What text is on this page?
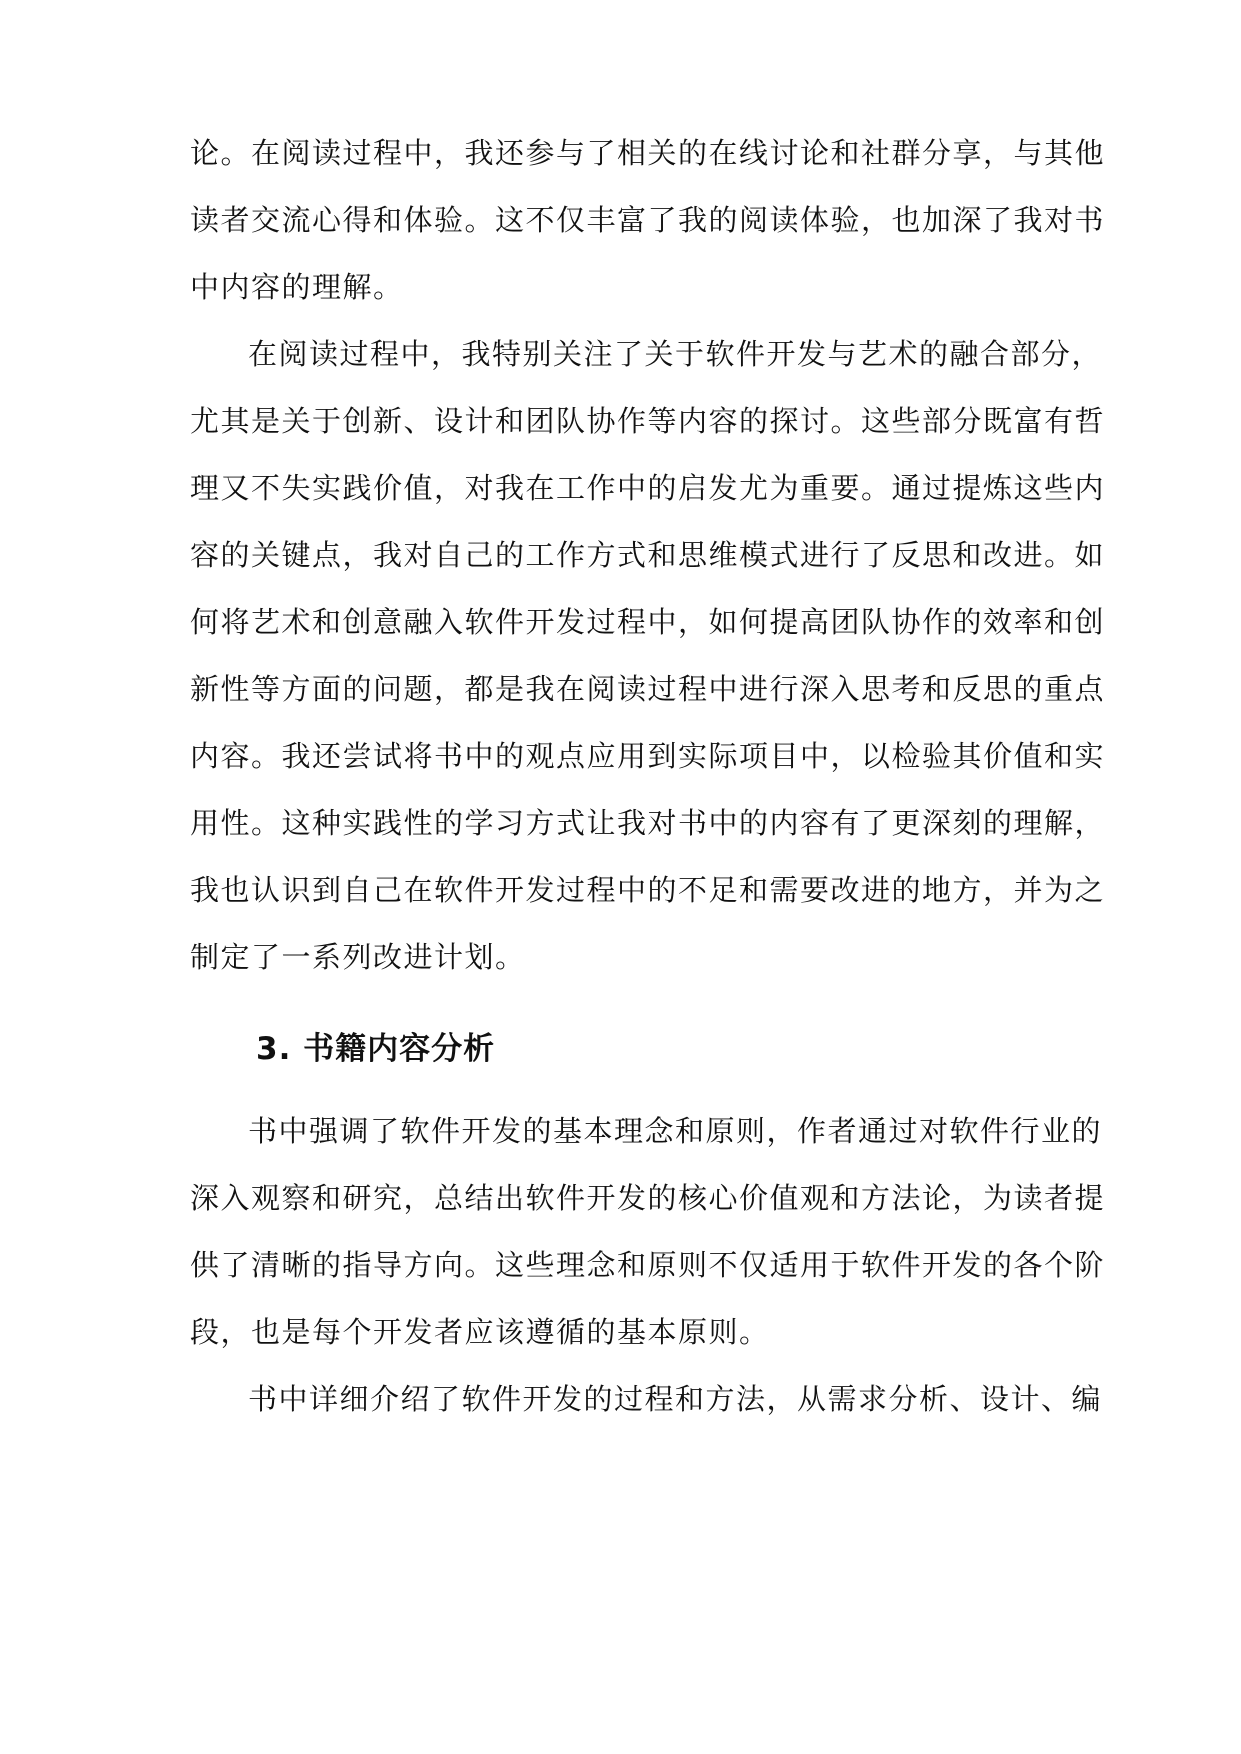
论。在阅读过程中，我还参与了相关的在线讨论和社群分享，与其他
读者交流心得和体验。这不仅丰富了我的阅读体验，也加深了我对书
中内容的理解。
在阅读过程中，我特别关注了关于软件开发与艺术的融合部分，
尤其是关于创新、设计和团队协作等内容的探讨。这些部分既富有哲
理又不失实践价值，对我在工作中的启发尤为重要。通过提炼这些内
容的关键点，我对自己的工作方式和思维模式进行了反思和改进。如
何将艺术和创意融入软件开发过程中，如何提高团队协作的效率和创
新性等方面的问题，都是我在阅读过程中进行深入思考和反思的重点
内容。我还尝试将书中的观点应用到实际项目中，以检验其价值和实
用性。这种实践性的学习方式让我对书中的内容有了更深刻的理解，
我也认识到自己在软件开发过程中的不足和需要改进的地方，并为之
制定了一系列改进计划。
3. 书籍内容分析
书中强调了软件开发的基本理念和原则，作者通过对软件行业的
深入观察和研究，总结出软件开发的核心价值观和方法论，为读者提
供了清晰的指导方向。这些理念和原则不仅适用于软件开发的各个阶
段，也是每个开发者应该遵循的基本原则。
书中详细介绍了软件开发的过程和方法，从需求分析、设计、编
